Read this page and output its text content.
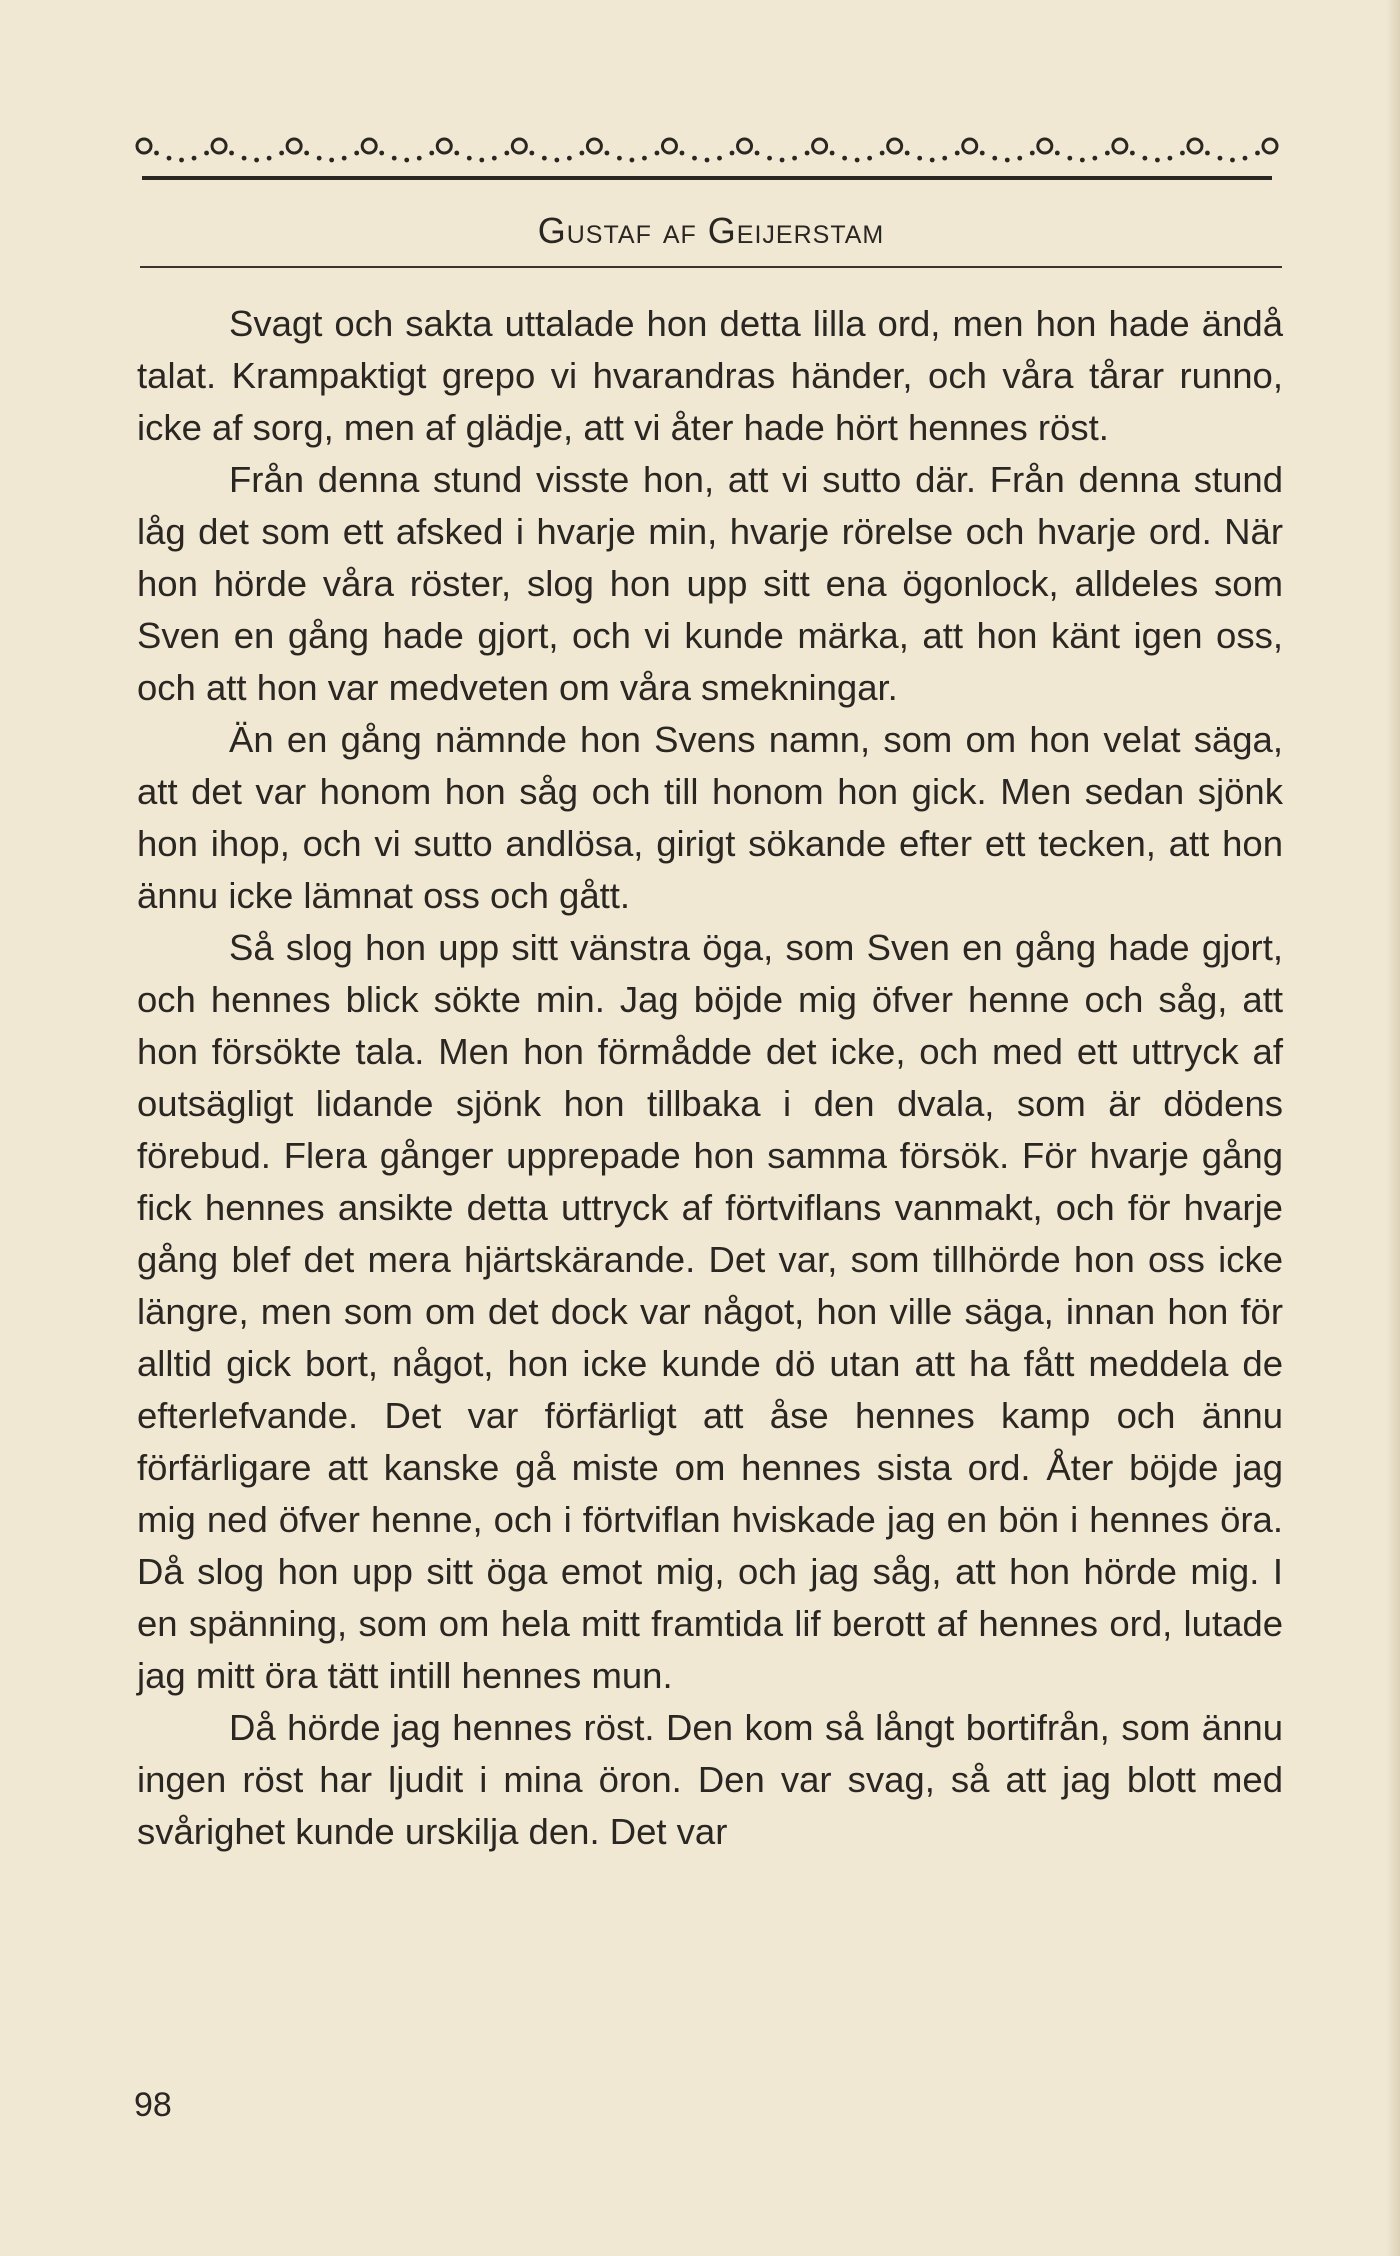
Gustaf af Geijerstam

Svagt och sakta uttalade hon detta lilla ord, men hon hade ändå talat. Krampaktigt grepo vi hvarandras händer, och våra tårar runno, icke af sorg, men af glädje, att vi åter hade hört hennes röst.

Från denna stund visste hon, att vi sutto där. Från denna stund låg det som ett afsked i hvarje min, hvarje rörelse och hvarje ord. När hon hörde våra röster, slog hon upp sitt ena ögonlock, alldeles som Sven en gång hade gjort, och vi kunde märka, att hon känt igen oss, och att hon var medveten om våra smekningar.

Än en gång nämnde hon Svens namn, som om hon velat säga, att det var honom hon såg och till honom hon gick. Men sedan sjönk hon ihop, och vi sutto andlösa, girigt sökande efter ett tecken, att hon ännu icke lämnat oss och gått.

Så slog hon upp sitt vänstra öga, som Sven en gång hade gjort, och hennes blick sökte min. Jag böjde mig öfver henne och såg, att hon försökte tala. Men hon förmådde det icke, och med ett uttryck af outsägligt lidande sjönk hon tillbaka i den dvala, som är dödens förebud. Flera gånger upprepade hon samma försök. För hvarje gång fick hennes ansikte detta uttryck af förtviflans vanmakt, och för hvarje gång blef det mera hjärtskärande. Det var, som tillhörde hon oss icke längre, men som om det dock var något, hon ville säga, innan hon för alltid gick bort, något, hon icke kunde dö utan att ha fått meddela de efterlefvande. Det var förfärligt att åse hennes kamp och ännu förfärligare att kanske gå miste om hennes sista ord. Åter böjde jag mig ned öfver henne, och i förtviflan hviskade jag en bön i hennes öra. Då slog hon upp sitt öga emot mig, och jag såg, att hon hörde mig. I en spänning, som om hela mitt framtida lif berott af hennes ord, lutade jag mitt öra tätt intill hennes mun.

Då hörde jag hennes röst. Den kom så långt bortifrån, som ännu ingen röst har ljudit i mina öron. Den var svag, så att jag blott med svårighet kunde urskilja den. Det var

98
